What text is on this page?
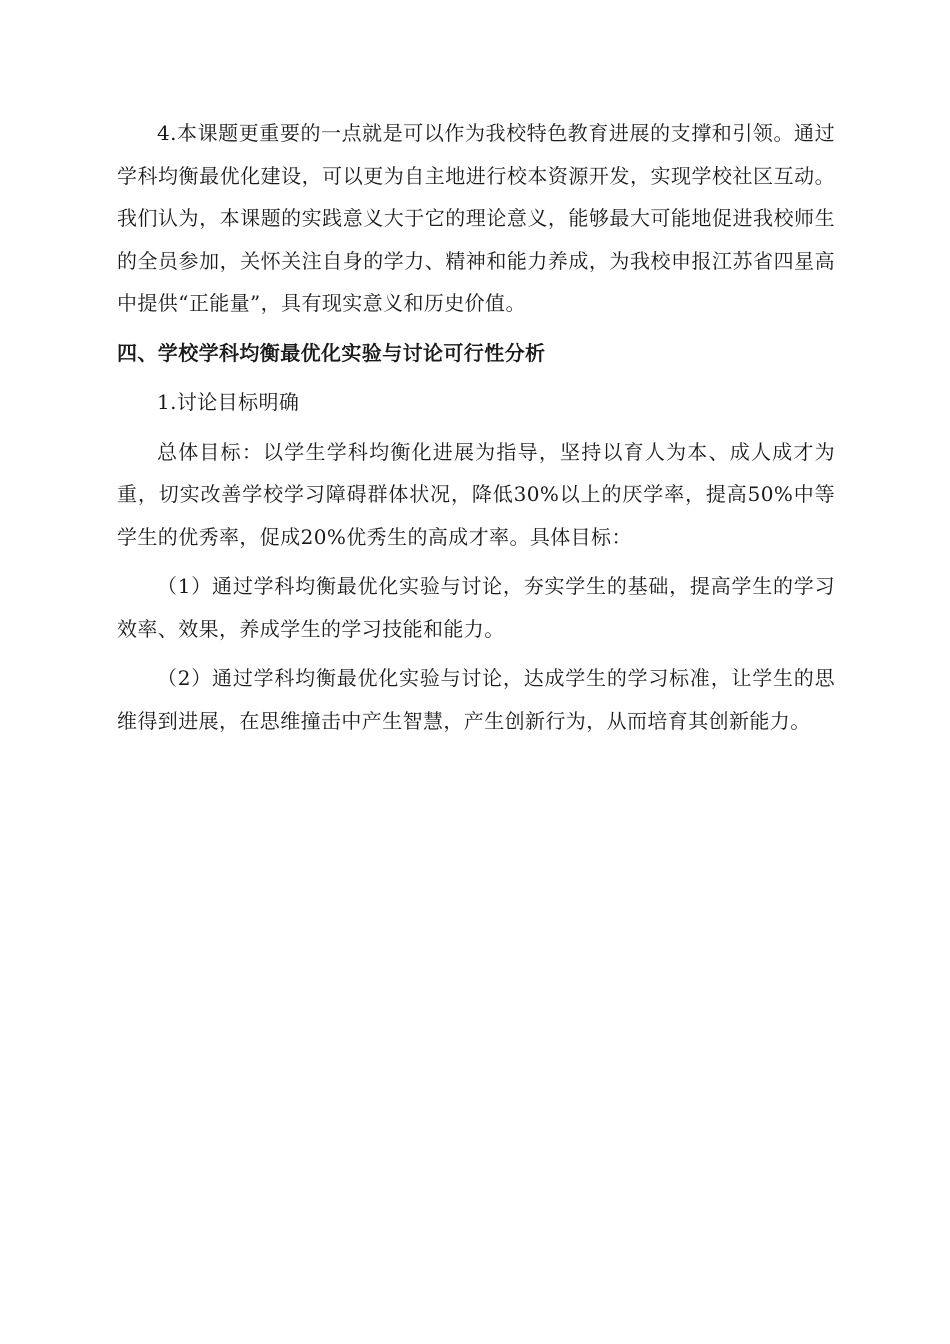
4.本课题更重要的一点就是可以作为我校特色教育进展的支撑和引领。通过学科均衡最优化建设，可以更为自主地进行校本资源开发，实现学校社区互动。我们认为，本课题的实践意义大于它的理论意义，能够最大可能地促进我校师生的全员参加，关怀关注自身的学力、精神和能力养成，为我校申报江苏省四星高中提供“正能量”，具有现实意义和历史价值。

四、学校学科均衡最优化实验与讨论可行性分析

1.讨论目标明确

总体目标：以学生学科均衡化进展为指导，坚持以育人为本、成人成才为重，切实改善学校学习障碍群体状况，降低30%以上的厌学率，提高50%中等学生的优秀率，促成20%优秀生的高成才率。具体目标：

（1）通过学科均衡最优化实验与讨论，夯实学生的基础，提高学生的学习效率、效果，养成学生的学习技能和能力。

（2）通过学科均衡最优化实验与讨论，达成学生的学习标准，让学生的思维得到进展，在思维撞击中产生智慧，产生创新行为，从而培育其创新能力。
